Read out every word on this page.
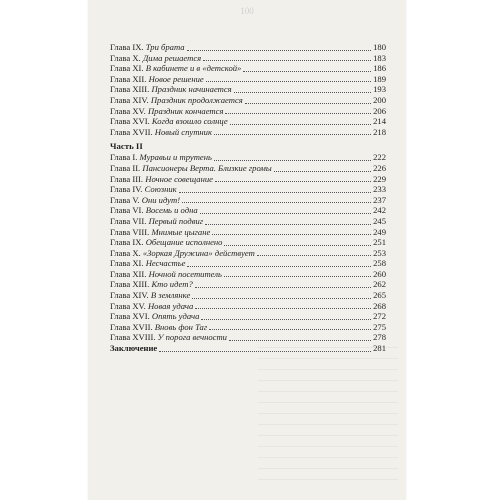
100
Глава IX. Три брата	180
Глава X. Дима решается	183
Глава XI. В кабинете и в «детской»	186
Глава XII. Новое решение	189
Глава XIII. Праздник начинается	193
Глава XIV. Праздник продолжается	200
Глава XV. Праздник кончается	206
Глава XVI. Когда взошло солнце	214
Глава XVII. Новый спутник	218
Часть II
Глава I. Муравьи и трутень	222
Глава II. Пансионеры Верта. Близкие громы	226
Глава III. Ночное совещание	229
Глава IV. Союзник	233
Глава V. Они идут!	237
Глава VI. Восемь и одна	242
Глава VII. Первый подвиг	245
Глава VIII. Мнимые цыгане	249
Глава IX. Обещание исполнено	251
Глава X. «Зоркая Дружина» действует	253
Глава XI. Несчастье	258
Глава XII. Ночной посетитель	260
Глава XIII. Кто идет?	262
Глава XIV. В землянке	265
Глава XV. Новая удача	268
Глава XVI. Опять удача	272
Глава XVII. Вновь фон Таг	275
Глава XVIII. У порога вечности	278
Заключение	281
